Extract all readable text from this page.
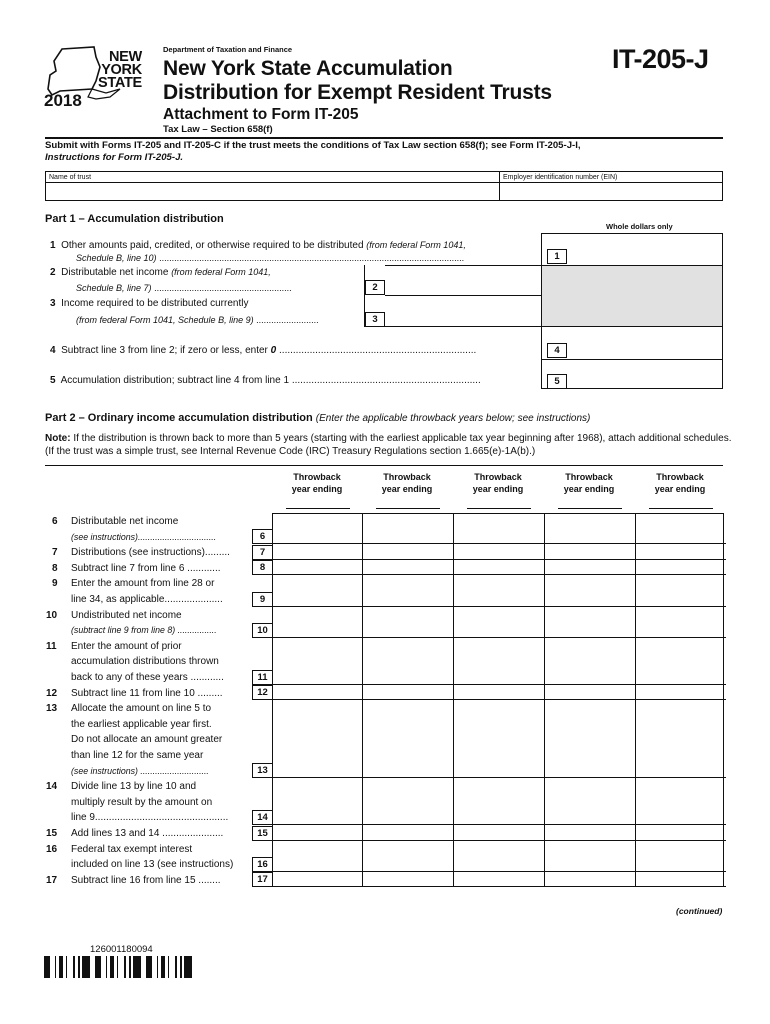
NEW
YORK
STATE
2018
Department of Taxation and Finance
New York State Accumulation
Distribution for Exempt Resident Trusts
IT-205-J
Attachment to Form IT-205
Tax Law – Section 658(f)
Submit with Forms IT-205 and IT-205-C if the trust meets the conditions of Tax Law section 658(f); see Form IT-205-J-I,
Instructions for Form IT-205-J.
Name of trust	Employer identification number (EIN)
Part 1 – Accumulation distribution
Whole dollars only
1 Other amounts paid, credited, or otherwise required to be distributed (from federal Form 1041,
Schedule B, line 10) ..........................................................................................................................	1
2 Distributable net income (from federal Form 1041,
Schedule B, line 7) .......................................................	2
3 Income required to be distributed currently
(from federal Form 1041, Schedule B, line 9) .........................	3
4 Subtract line 3 from line 2; if zero or less, enter 0 .......................................................................	4
5 Accumulation distribution; subtract line 4 from line 1 ....................................................................	5
Part 2 – Ordinary income accumulation distribution (Enter the applicable throwback years below; see instructions)
Note: If the distribution is thrown back to more than 5 years (starting with the earliest applicable tax year beginning after 1968), attach additional schedules. (If the trust was a simple trust, see Internal Revenue Code (IRC) Treasury Regulations section 1.665(e)-1A(b).)
Throwback
year ending
Throwback
year ending
Throwback
year ending
Throwback
year ending
Throwback
year ending
Distributable net income
(see instructions)................................
6
6
Distributions (see instructions).........
7	7
Subtract line 7 from line 6 ............
8	8
Enter the amount from line 28 or
line 34, as applicable.....................
9
9
Undistributed net income
(subtract line 9 from line 8) ................
10
10
Enter the amount of prior
accumulation distributions thrown
back to any of these years ............
11
11
Subtract line 11 from line 10 .........
12	12
Allocate the amount on line 5 to
the earliest applicable year first.
Do not allocate an amount greater
than line 12 for the same year
(see instructions) ............................
13
13
Divide line 13 by line 10 and
multiply result by the amount on
line 9................................................
14
14
Add lines 13 and 14 ......................
15	15
Federal tax exempt interest
included on line 13 (see instructions)
16
16
Subtract line 16 from line 15 ........
17	17
(continued)
126001180094
